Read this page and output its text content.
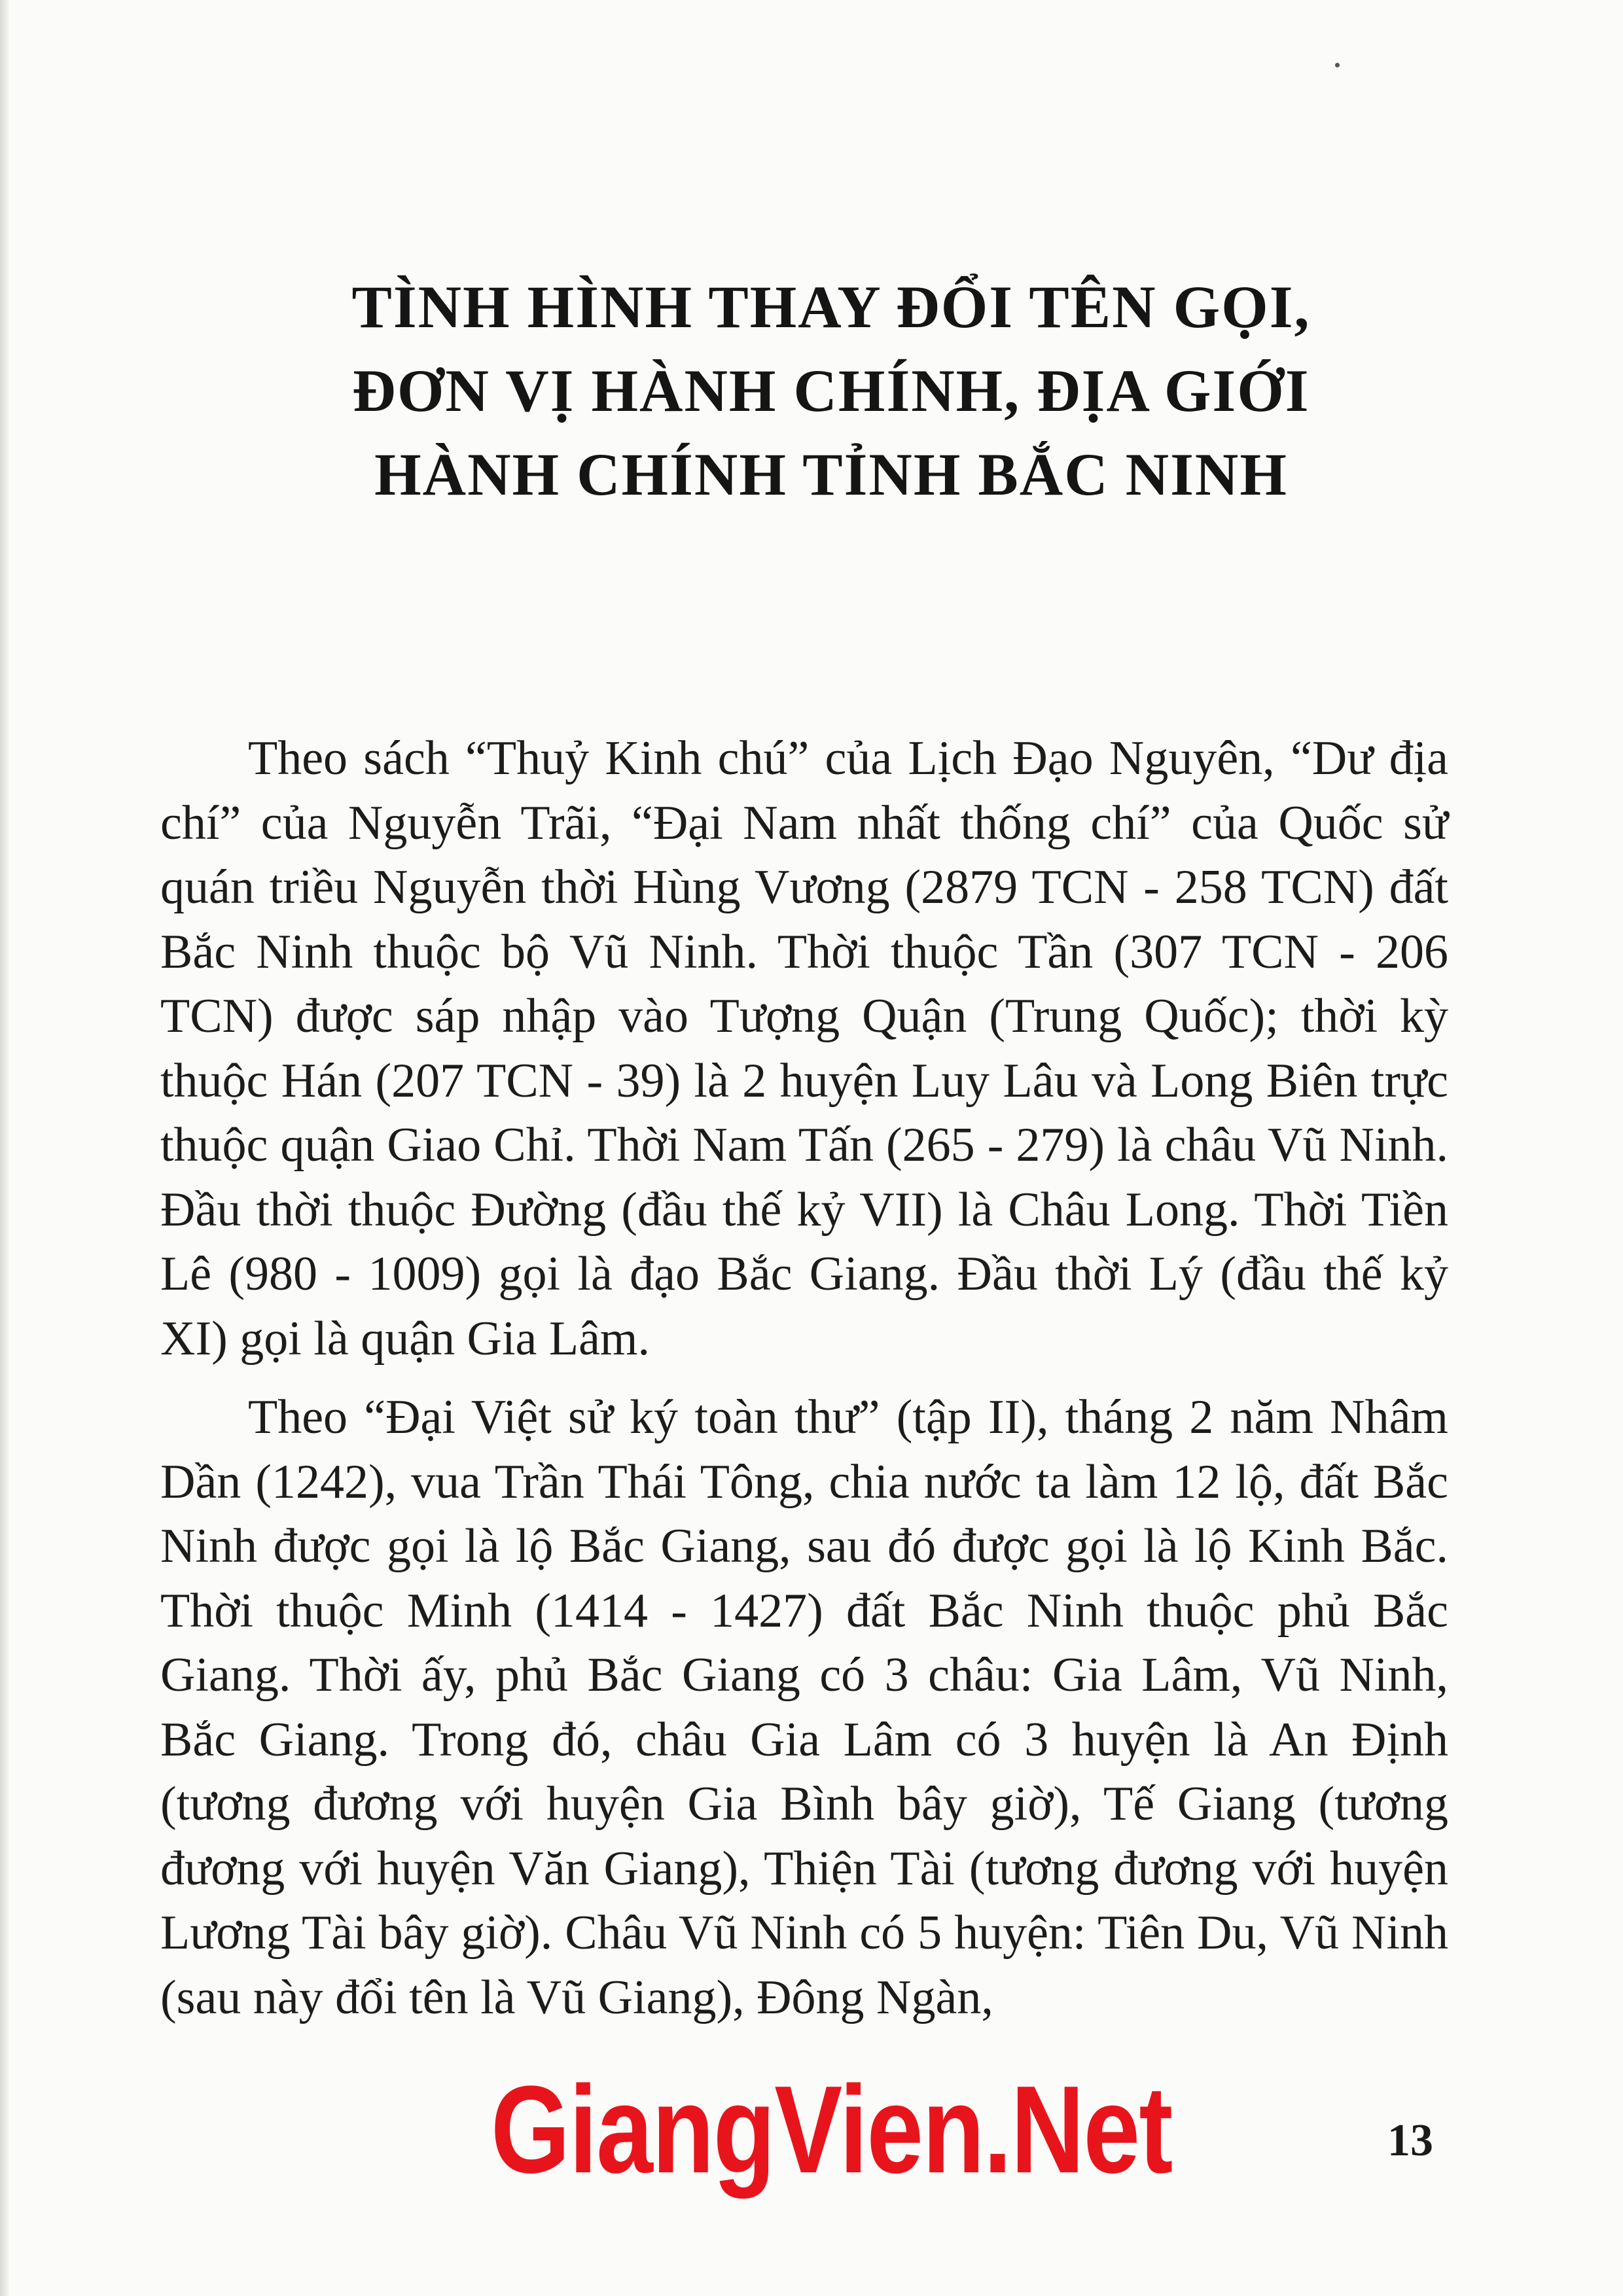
TÌNH HÌNH THAY ĐỔI TÊN GỌI,
ĐƠN VỊ HÀNH CHÍNH, ĐỊA GIỚI
HÀNH CHÍNH TỈNH BẮC NINH

Theo sách “Thuỷ Kinh chú” của Lịch Đạo Nguyên, “Dư địa chí” của Nguyễn Trãi, “Đại Nam nhất thống chí” của Quốc sử quán triều Nguyễn thời Hùng Vương (2879 TCN - 258 TCN) đất Bắc Ninh thuộc bộ Vũ Ninh. Thời thuộc Tần (307 TCN - 206 TCN) được sáp nhập vào Tượng Quận (Trung Quốc); thời kỳ thuộc Hán (207 TCN - 39) là 2 huyện Luy Lâu và Long Biên trực thuộc quận Giao Chỉ. Thời Nam Tấn (265 - 279) là châu Vũ Ninh. Đầu thời thuộc Đường (đầu thế kỷ VII) là Châu Long. Thời Tiền Lê (980 - 1009) gọi là đạo Bắc Giang. Đầu thời Lý (đầu thế kỷ XI) gọi là quận Gia Lâm.

Theo “Đại Việt sử ký toàn thư” (tập II), tháng 2 năm Nhâm Dần (1242), vua Trần Thái Tông, chia nước ta làm 12 lộ, đất Bắc Ninh được gọi là lộ Bắc Giang, sau đó được gọi là lộ Kinh Bắc. Thời thuộc Minh (1414 - 1427) đất Bắc Ninh thuộc phủ Bắc Giang. Thời ấy, phủ Bắc Giang có 3 châu: Gia Lâm, Vũ Ninh, Bắc Giang. Trong đó, châu Gia Lâm có 3 huyện là An Định (tương đương với huyện Gia Bình bây giờ), Tế Giang (tương đương với huyện Văn Giang), Thiện Tài (tương đương với huyện Lương Tài bây giờ). Châu Vũ Ninh có 5 huyện: Tiên Du, Vũ Ninh (sau này đổi tên là Vũ Giang), Đông Ngàn,

GiangVien.Net	13
